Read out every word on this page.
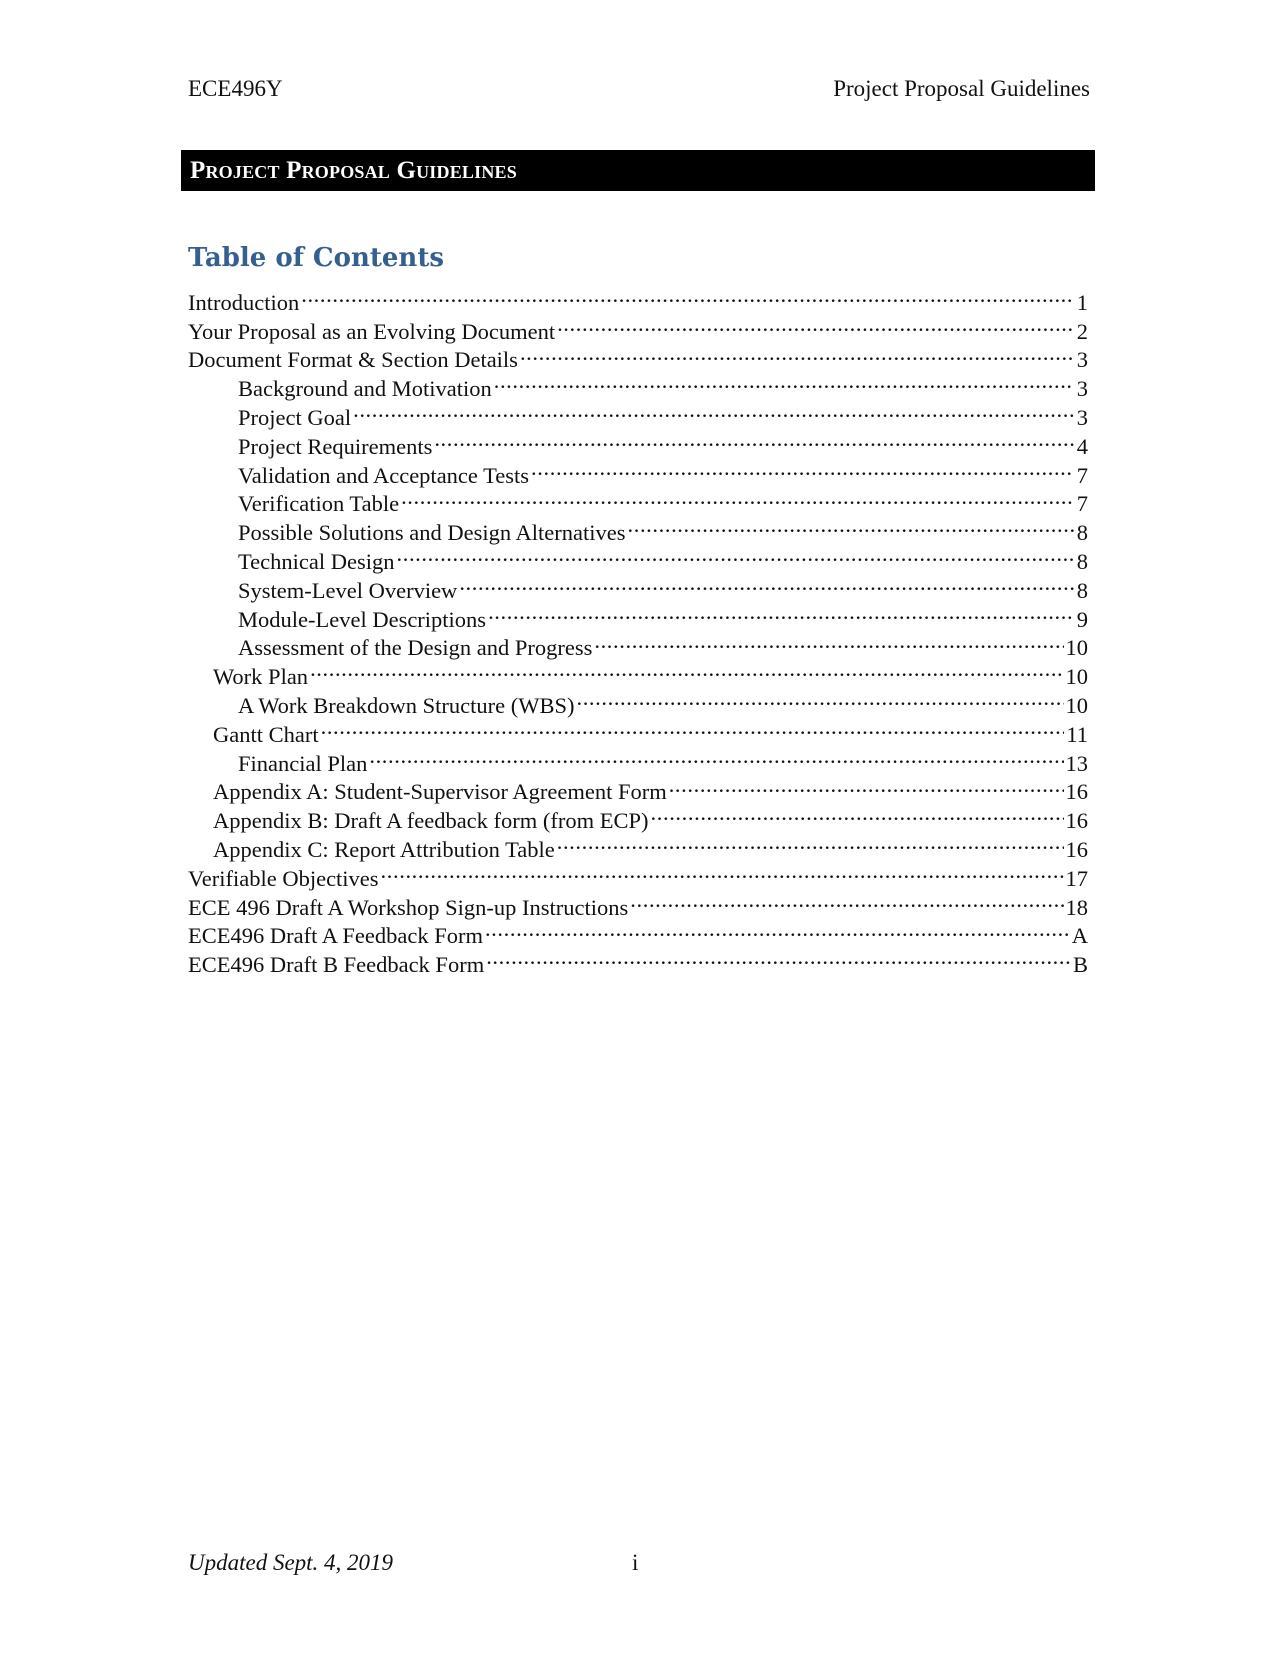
ECE496Y	Project Proposal Guidelines
Project Proposal Guidelines
Table of Contents
Introduction .....	1
Your Proposal as an Evolving Document .....	2
Document Format & Section Details .....	3
Background and Motivation .....	3
Project Goal .....	3
Project Requirements .....	4
Validation and Acceptance Tests .....	7
Verification Table .....	7
Possible Solutions and Design Alternatives .....	8
Technical Design .....	8
System-Level Overview .....	8
Module-Level Descriptions .....	9
Assessment of the Design and Progress .....	10
Work Plan .....	10
A Work Breakdown Structure (WBS) .....	10
Gantt Chart .....	11
Financial Plan .....	13
Appendix A: Student-Supervisor Agreement Form .....	16
Appendix B: Draft A feedback form (from ECP) .....	16
Appendix C: Report Attribution Table .....	16
Verifiable Objectives .....	17
ECE 496 Draft A Workshop Sign-up Instructions .....	18
ECE496 Draft A Feedback Form .....	A
ECE496 Draft B Feedback Form .....	B
Updated Sept. 4, 2019	i
